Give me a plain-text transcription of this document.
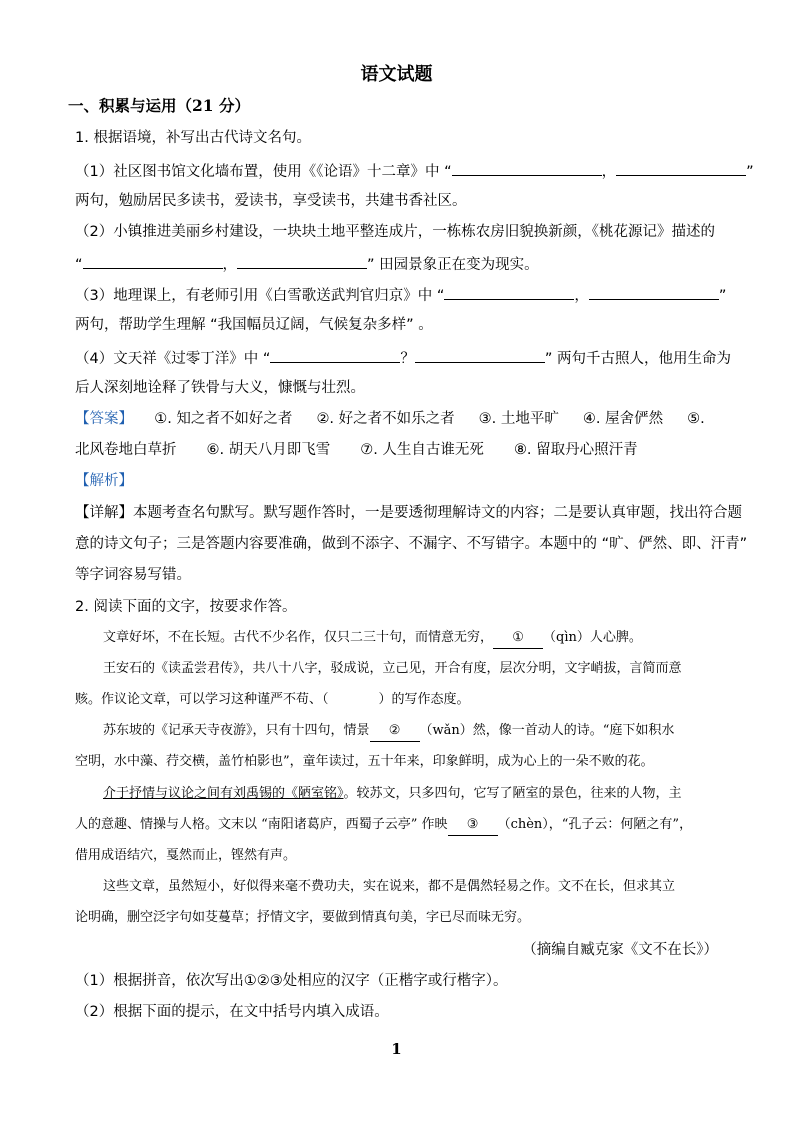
语文试题
一、积累与运用（21 分）
1. 根据语境，补写出古代诗文名句。
（1）社区图书馆文化墙布置，使用《《论语》十二章》中 “	，	”
两句，勉励居民多读书，爱读书，享受读书，共建书香社区。
（2）小镇推进美丽乡村建设，一块块土地平整连成片，一栋栋农房旧貌换新颜，《桃花源记》描述的
“	，	” 田园景象正在变为现实。
（3）地理课上，有老师引用《白雪歌送武判官归京》中 “	，	”
两句，帮助学生理解 “我国幅员辽阔，气候复杂多样” 。
（4）文天祥《过零丁洋》中 “	？	” 两句千古照人，他用生命为
后人深刻地诠释了铁骨与大义，慷慨与壮烈。
【答案】 ①. 知之者不如好之者 ②. 好之者不如乐之者 ③. 土地平旷 ④. 屋舍俨然 ⑤.
北风卷地白草折 ⑥. 胡天八月即飞雪 ⑦. 人生自古谁无死 ⑧. 留取丹心照汗青
【解析】
【详解】本题考查名句默写。默写题作答时，一是要透彻理解诗文的内容；二是要认真审题，找出符合题
意的诗文句子；三是答题内容要准确，做到不添字、不漏字、不写错字。本题中的 “旷、俨然、即、汗青”
等字词容易写错。
2. 阅读下面的文字，按要求作答。
文章好坏，不在长短。古代不少名作，仅只二三十句，而情意无穷， ① （qìn）人心脾。
王安石的《读孟尝君传》，共八十八字，驳成说，立己见，开合有度，层次分明，文字峭拔，言简而意
赅。作议论文章，可以学习这种谨严不苟、（	）的写作态度。
苏东坡的《记承天寺夜游》，只有十四句，情景 ② （wǎn）然，像一首动人的诗。“庭下如积水
空明，水中藻、荇交横，盖竹柏影也”，童年读过，五十年来，印象鲜明，成为心上的一朵不败的花。
介于抒情与议论之间有刘禹锡的《陋室铭》。较苏文，只多四句，它写了陋室的景色，往来的人物，主
人的意趣、情操与人格。文末以 “南阳诸葛庐，西蜀子云亭” 作映 ③ （chèn），“孔子云：何陋之有”，
借用成语结穴，戛然而止，铿然有声。
这些文章，虽然短小，好似得来毫不费功夫，实在说来，都不是偶然轻易之作。文不在长，但求其立
论明确，删空泛字句如芟蔓草；抒情文字，要做到情真句美，字已尽而味无穷。
（摘编自臧克家《文不在长》）
（1）根据拼音，依次写出①②③处相应的汉字（正楷字或行楷字）。
（2）根据下面的提示，在文中括号内填入成语。
1
